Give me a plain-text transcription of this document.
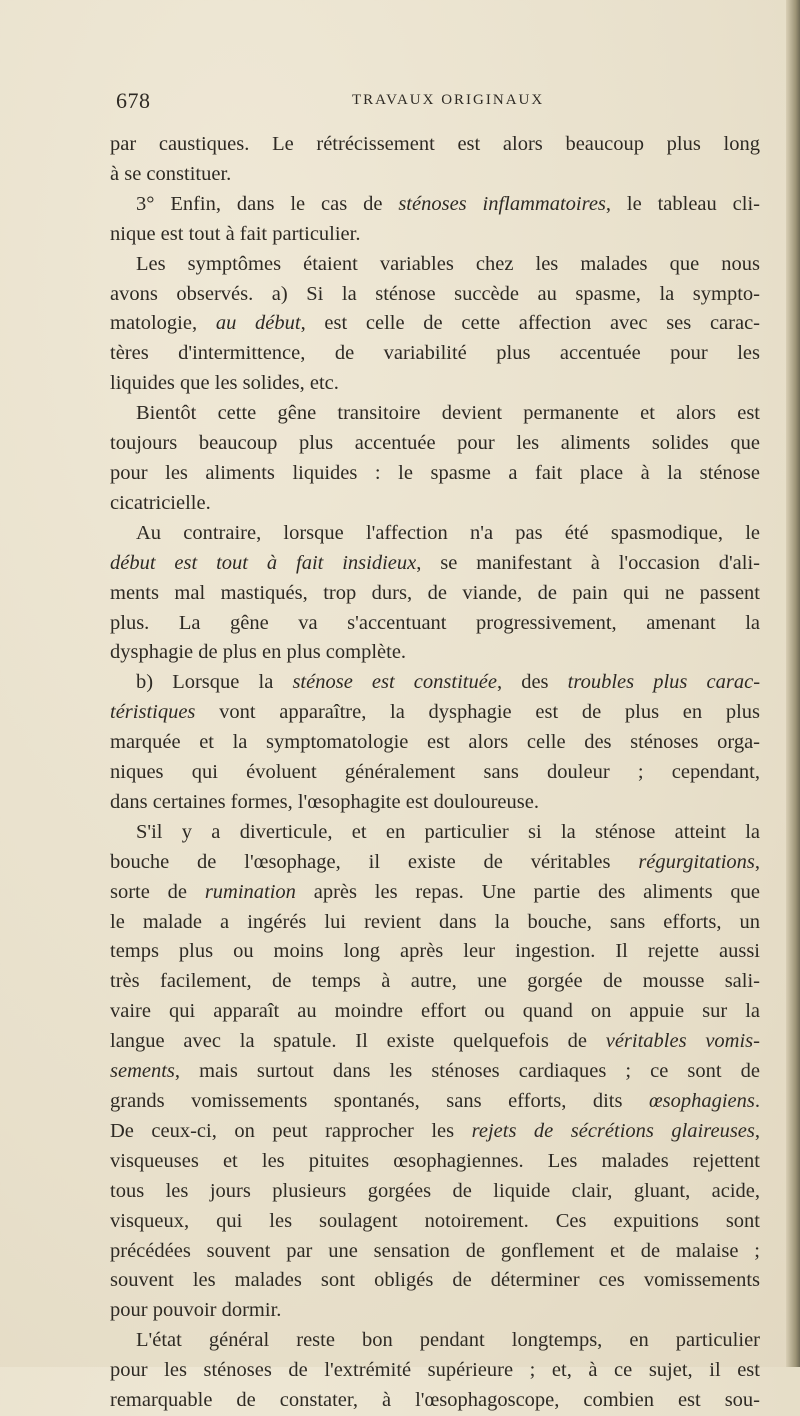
678	TRAVAUX ORIGINAUX
par caustiques. Le rétrécissement est alors beaucoup plus long
à se constituer.
3° Enfin, dans le cas de sténoses inflammatoires, le tableau cli-
nique est tout à fait particulier.
Les symptômes étaient variables chez les malades que nous
avons observés. a) Si la sténose succède au spasme, la sympto-
matologie, au début, est celle de cette affection avec ses carac-
tères d'intermittence, de variabilité plus accentuée pour les
liquides que les solides, etc.
Bientôt cette gêne transitoire devient permanente et alors est
toujours beaucoup plus accentuée pour les aliments solides que
pour les aliments liquides : le spasme a fait place à la sténose
cicatricielle.
Au contraire, lorsque l'affection n'a pas été spasmodique, le
début est tout à fait insidieux, se manifestant à l'occasion d'ali-
ments mal mastiqués, trop durs, de viande, de pain qui ne passent
plus. La gêne va s'accentuant progressivement, amenant la
dysphagie de plus en plus complète.
b) Lorsque la sténose est constituée, des troubles plus carac-
téristiques vont apparaître, la dysphagie est de plus en plus
marquée et la symptomatologie est alors celle des sténoses orga-
niques qui évoluent généralement sans douleur ; cependant,
dans certaines formes, l'œsophagite est douloureuse.
S'il y a diverticule, et en particulier si la sténose atteint la
bouche de l'œsophage, il existe de véritables régurgitations,
sorte de rumination après les repas. Une partie des aliments que
le malade a ingérés lui revient dans la bouche, sans efforts, un
temps plus ou moins long après leur ingestion. Il rejette aussi
très facilement, de temps à autre, une gorgée de mousse sali-
vaire qui apparaît au moindre effort ou quand on appuie sur la
langue avec la spatule. Il existe quelquefois de véritables vomis-
sements, mais surtout dans les sténoses cardiaques ; ce sont de
grands vomissements spontanés, sans efforts, dits œsophagiens.
De ceux-ci, on peut rapprocher les rejets de sécrétions glaireuses,
visqueuses et les pituites œsophagiennes. Les malades rejettent
tous les jours plusieurs gorgées de liquide clair, gluant, acide,
visqueux, qui les soulagent notoirement. Ces expuitions sont
précédées souvent par une sensation de gonflement et de malaise ;
souvent les malades sont obligés de déterminer ces vomissements
pour pouvoir dormir.
L'état général reste bon pendant longtemps, en particulier
pour les sténoses de l'extrémité supérieure ; et, à ce sujet, il est
remarquable de constater, à l'œsophagoscope, combien est sou-
